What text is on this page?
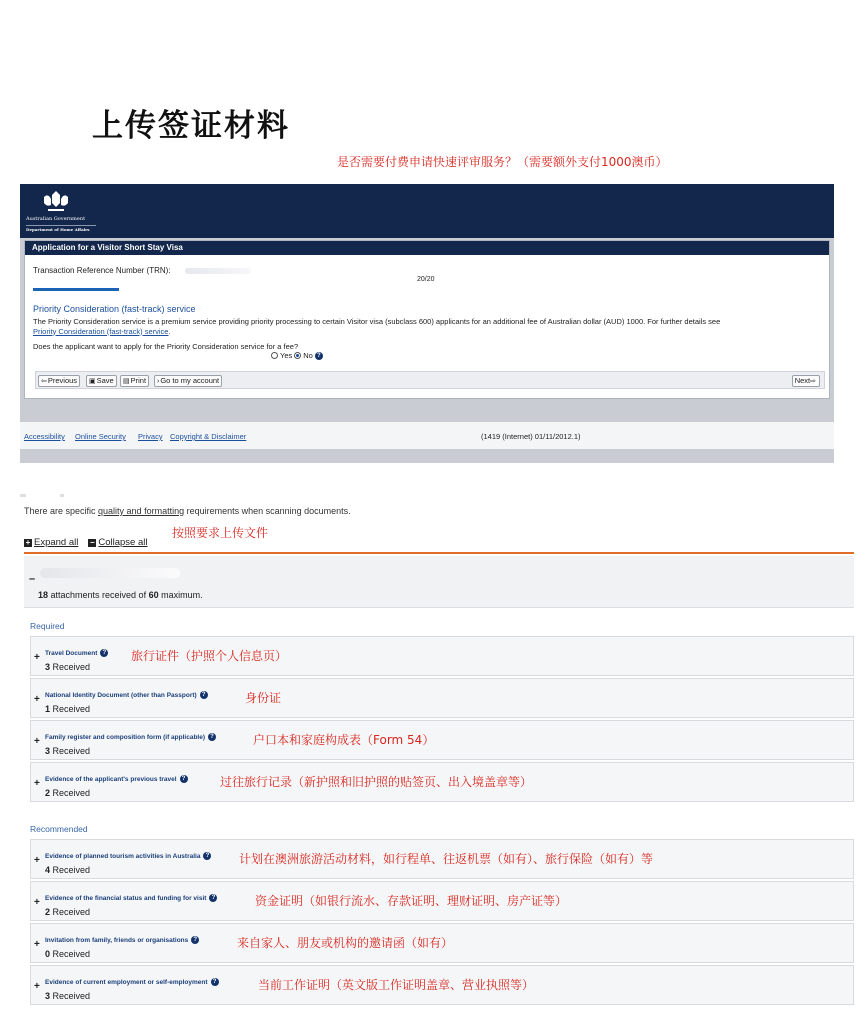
上传签证材料
Australian Government
Department of Home Affairs
Application for a Visitor Short Stay Visa
Transaction Reference Number (TRN):
20/20
Priority Consideration (fast-track) service
The Priority Consideration service is a premium service providing priority processing to certain Visitor visa (subclass 600) applicants for an additional fee of Australian dollar (AUD) 1000. For further details see
Priority Consideration (fast-track) service.
Does the applicant want to apply for the Priority Consideration service for a fee?
Yes No ?
⇦Previous	▣Save	▤Print	›Go to my account	Next⇨
Accessibility Online Security Privacy Copyright & Disclaimer	(1419 (Internet) 01/11/2012.1)
是否需要付费申请快速评审服务？（需要额外支付1000澳币）
There are specific quality and formatting requirements when scanning documents.
+ Expand all − Collapse all
按照要求上传文件
–
18 attachments received of 60 maximum.
Required
Recommended
+ Travel Document ?
3 Received
旅行证件（护照个人信息页）
+ National Identity Document (other than Passport) ?
1 Received
身份证
+ Family register and composition form (if applicable) ?
3 Received
户口本和家庭构成表（Form 54）
+ Evidence of the applicant's previous travel ?
2 Received
过往旅行记录（新护照和旧护照的贴签页、出入境盖章等）
+ Evidence of planned tourism activities in Australia ?
4 Received
计划在澳洲旅游活动材料，如行程单、往返机票（如有）、旅行保险（如有）等
+ Evidence of the financial status and funding for visit ?
2 Received
资金证明（如银行流水、存款证明、理财证明、房产证等）
+ Invitation from family, friends or organisations ?
0 Received
来自家人、朋友或机构的邀请函（如有）
+ Evidence of current employment or self-employment ?
3 Received
当前工作证明（英文版工作证明盖章、营业执照等）
